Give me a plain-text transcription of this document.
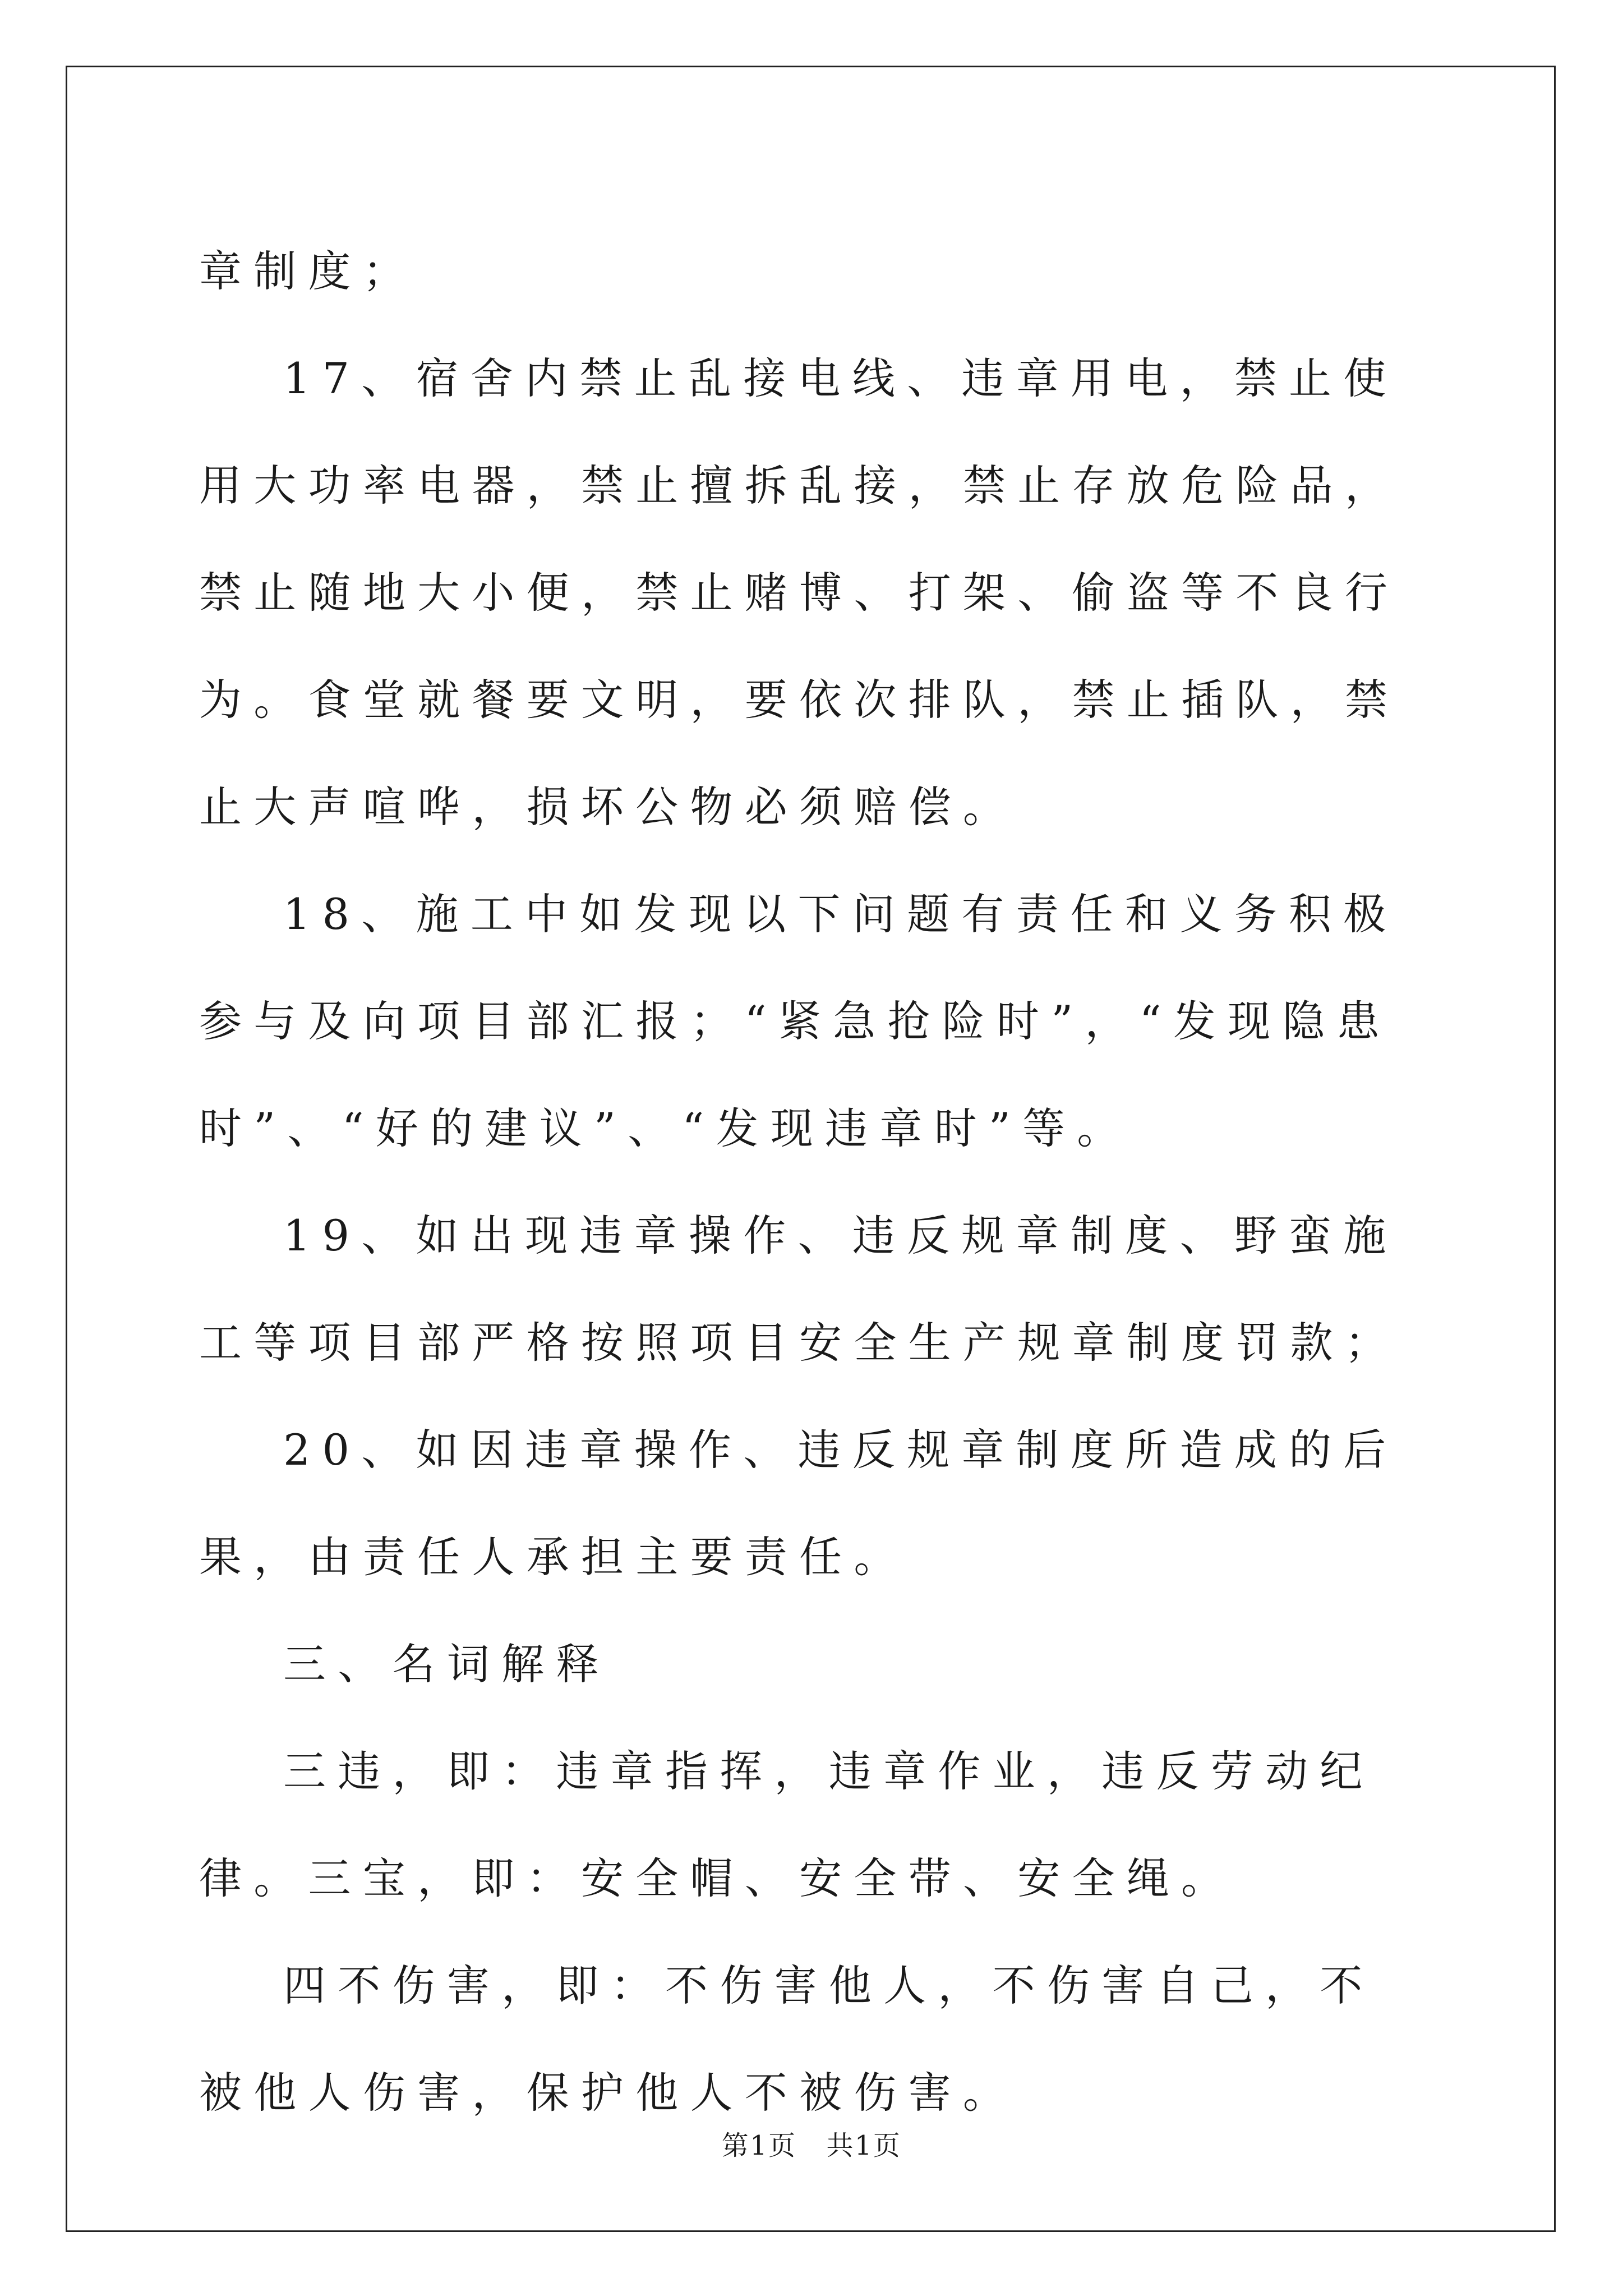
章制度；

17、宿舍内禁止乱接电线、违章用电，禁止使用大功率电器，禁止擅拆乱接，禁止存放危险品，禁止随地大小便，禁止赌博、打架、偷盗等不良行为。食堂就餐要文明，要依次排队，禁止插队，禁止大声喧哗，损坏公物必须赔偿。

18、施工中如发现以下问题有责任和义务积极参与及向项目部汇报；“紧急抢险时”，“发现隐患时”、“好的建议”、“发现违章时”等。

19、如出现违章操作、违反规章制度、野蛮施工等项目部严格按照项目安全生产规章制度罚款；

20、如因违章操作、违反规章制度所造成的后果，由责任人承担主要责任。

三、名词解释

三违，即：违章指挥，违章作业，违反劳动纪律。三宝，即：安全帽、安全带、安全绳。

四不伤害，即：不伤害他人，不伤害自己，不被他人伤害，保护他人不被伤害。

第1页 共1页
